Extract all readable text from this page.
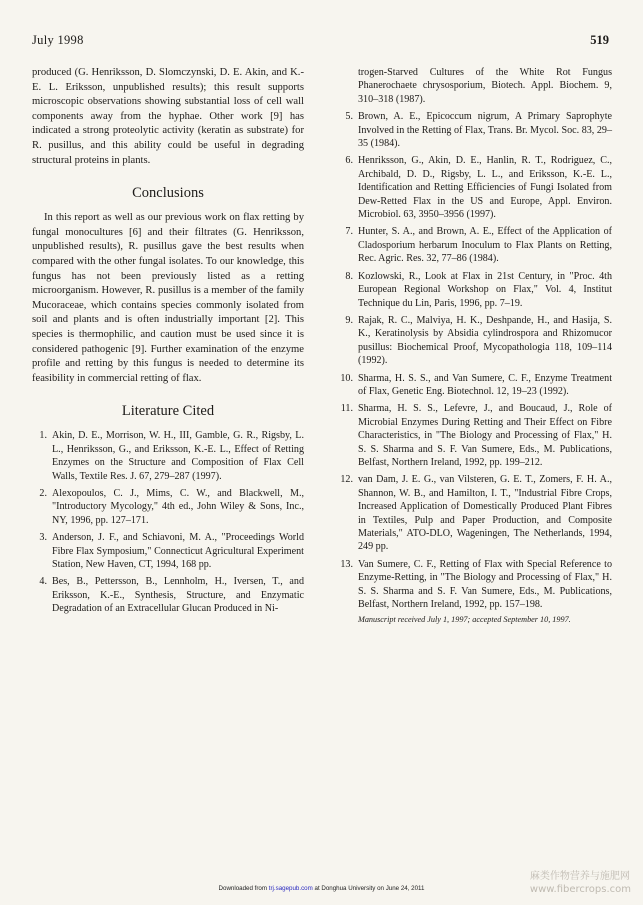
July 1998	519

produced (G. Henriksson, D. Slomczynski, D. E. Akin, and K.-E. L. Eriksson, unpublished results); this result supports microscopic observations showing substantial loss of cell wall components away from the hyphae. Other work [9] has indicated a strong proteolytic activity (keratin as substrate) for R. pusillus, and this ability could be useful in degrading structural proteins in plants.

Conclusions

In this report as well as our previous work on flax retting by fungal monocultures [6] and their filtrates (G. Henriksson, unpublished results), R. pusillus gave the best results when compared with the other fungal isolates. To our knowledge, this fungus has not been previously listed as a retting microorganism. However, R. pusillus is a member of the family Mucoraceae, which contains species commonly isolated from soil and plants and is often industrially important [2]. This species is thermophilic, and caution must be used since it is considered pathogenic [9]. Further examination of the enzyme profile and retting by this fungus is needed to determine its feasibility in commercial retting of flax.

Literature Cited
1. Akin, D. E., Morrison, W. H., III, Gamble, G. R., Rigsby, L. L., Henriksson, G., and Eriksson, K.-E. L., Effect of Retting Enzymes on the Structure and Composition of Flax Cell Walls, Textile Res. J. 67, 279–287 (1997).
2. Alexopoulos, C. J., Mims, C. W., and Blackwell, M., "Introductory Mycology," 4th ed., John Wiley & Sons, Inc., NY, 1996, pp. 127–171.
3. Anderson, J. F., and Schiavoni, M. A., "Proceedings World Fibre Flax Symposium," Connecticut Agricultural Experiment Station, New Haven, CT, 1994, 168 pp.
4. Bes, B., Pettersson, B., Lennholm, H., Iversen, T., and Eriksson, K.-E., Synthesis, Structure, and Enzymatic Degradation of an Extracellular Glucan Produced in Ni-
trogen-Starved Cultures of the White Rot Fungus Phanerochaete chrysosporium, Biotech. Appl. Biochem. 9, 310–318 (1987).
5. Brown, A. E., Epicoccum nigrum, A Primary Saprophyte Involved in the Retting of Flax, Trans. Br. Mycol. Soc. 83, 29–35 (1984).
6. Henriksson, G., Akin, D. E., Hanlin, R. T., Rodriguez, C., Archibald, D. D., Rigsby, L. L., and Eriksson, K.-E. L., Identification and Retting Efficiencies of Fungi Isolated from Dew-Retted Flax in the US and Europe, Appl. Environ. Microbiol. 63, 3950–3956 (1997).
7. Hunter, S. A., and Brown, A. E., Effect of the Application of Cladosporium herbarum Inoculum to Flax Plants on Retting, Rec. Agric. Res. 32, 77–86 (1984).
8. Kozlowski, R., Look at Flax in 21st Century, in "Proc. 4th European Regional Workshop on Flax," Vol. 4, Institut Technique du Lin, Paris, 1996, pp. 7–19.
9. Rajak, R. C., Malviya, H. K., Deshpande, H., and Hasija, S. K., Keratinolysis by Absidia cylindrospora and Rhizomucor pusillus: Biochemical Proof, Mycopathologia 118, 109–114 (1992).
10. Sharma, H. S. S., and Van Sumere, C. F., Enzyme Treatment of Flax, Genetic Eng. Biotechnol. 12, 19–23 (1992).
11. Sharma, H. S. S., Lefevre, J., and Boucaud, J., Role of Microbial Enzymes During Retting and Their Effect on Fibre Characteristics, in "The Biology and Processing of Flax," H. S. S. Sharma and S. F. Van Sumere, Eds., M. Publications, Belfast, Northern Ireland, 1992, pp. 199–212.
12. van Dam, J. E. G., van Vilsteren, G. E. T., Zomers, F. H. A., Shannon, W. B., and Hamilton, I. T., "Industrial Fibre Crops, Increased Application of Domestically Produced Plant Fibres in Textiles, Pulp and Paper Production, and Composite Materials," ATO-DLO, Wageningen, The Netherlands, 1994, 249 pp.
13. Van Sumere, C. F., Retting of Flax with Special Reference to Enzyme-Retting, in "The Biology and Processing of Flax," H. S. S. Sharma and S. F. Van Sumere, Eds., M. Publications, Belfast, Northern Ireland, 1992, pp. 157–198.
Manuscript received July 1, 1997; accepted September 10, 1997.
Downloaded from trj.sagepub.com at Donghua University on June 24, 2011
麻类作物营养与施肥网
www.fibercrops.com
